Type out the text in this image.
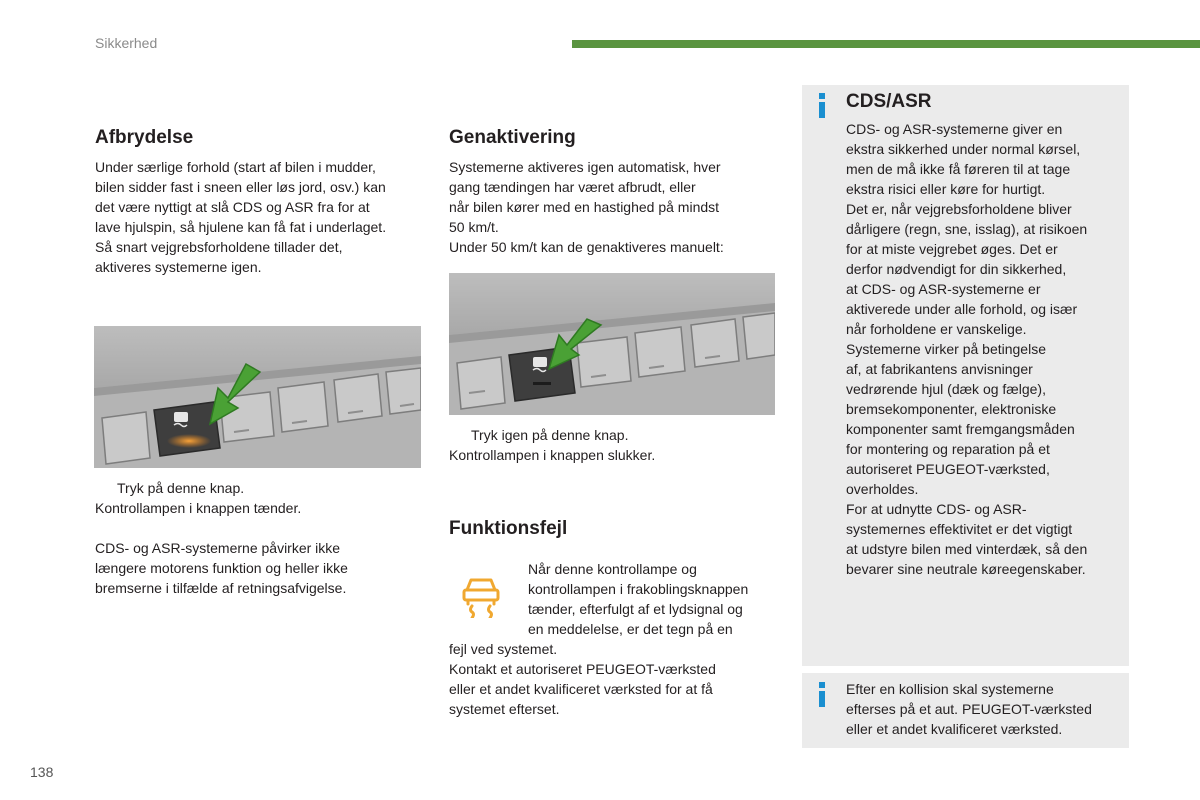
Sikkerhed
Afbrydelse

Under særlige forhold (start af bilen i mudder,
bilen sidder fast i sneen eller løs jord, osv.) kan
det være nyttigt at slå CDS og ASR fra for at
lave hjulspin, så hjulene kan få fat i underlaget.
Så snart vejgrebsforholdene tillader det,
aktiveres systemerne igen.

Tryk på denne knap.
Kontrollampen i knappen tænder.

CDS- og ASR-systemerne påvirker ikke
længere motorens funktion og heller ikke
bremserne i tilfælde af retningsafvigelse.

Genaktivering

Systemerne aktiveres igen automatisk, hver
gang tændingen har været afbrudt, eller
når bilen kører med en hastighed på mindst
50 km/t.
Under 50 km/t kan de genaktiveres manuelt:

Tryk igen på denne knap.
Kontrollampen i knappen slukker.

Funktionsfejl

Når denne kontrollampe og
kontrollampen i frakoblingsknappen
tænder, efterfulgt af et lydsignal og
en meddelelse, er det tegn på en

fejl ved systemet.
Kontakt et autoriseret PEUGEOT-værksted
eller et andet kvalificeret værksted for at få
systemet efterset.

CDS/ASR

CDS- og ASR-systemerne giver en
ekstra sikkerhed under normal kørsel,
men de må ikke få føreren til at tage
ekstra risici eller køre for hurtigt.
Det er, når vejgrebsforholdene bliver
dårligere (regn, sne, isslag), at risikoen
for at miste vejgrebet øges. Det er
derfor nødvendigt for din sikkerhed,
at CDS- og ASR-systemerne er
aktiverede under alle forhold, og især
når forholdene er vanskelige.
Systemerne virker på betingelse
af, at fabrikantens anvisninger
vedrørende hjul (dæk og fælge),
bremsekomponenter, elektroniske
komponenter samt fremgangsmåden
for montering og reparation på et
autoriseret PEUGEOT-værksted,
overholdes.
For at udnytte CDS- og ASR-
systemernes effektivitet er det vigtigt
at udstyre bilen med vinterdæk, så den
bevarer sine neutrale køreegenskaber.

Efter en kollision skal systemerne
efterses på et aut. PEUGEOT-værksted
eller et andet kvalificeret værksted.

138
